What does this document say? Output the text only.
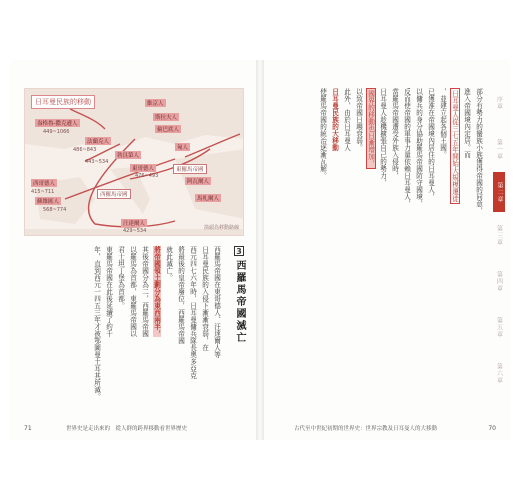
日耳曼民族的移動	維京人
斯拉夫人
倫巴底人
盎格魯-撒克遜人
449~1066
法蘭克人
486~843
勃艮第人
443~534
匈人
東哥德人
476~493
東羅馬帝國
阿瓦爾人
西羅馬帝國
西哥德人
415~711
蘇維匯人
568~774
汪達爾人
429~534
馬札爾人
箭頭為移動路線
3
西羅馬帝國滅亡
西羅馬帝國在東哥德人、汪達爾人等
日耳曼民族的入侵下漸漸衰弱，在
西元四七六年時，日耳曼傭兵隊長奧多亞克
將最後的皇帝廢位，西羅馬帝國
就此滅亡。
將帝國領土劃分為東西兩半，
其後帝國分為二，西羅馬帝國
以羅馬為首都，東羅馬帝國以
君士坦丁堡為首都。
東羅馬帝國在此後延續了約千
年，直到西元一四五三年才被鄂圖曼土耳其所滅。
71	世界史是走出來的　從人群的跨界移動看世界歷史
序章
第一章
第二章
第三章
第四章
第五章
第六章
部分有勢力的蠻族小族獲得帝國的同意，
進入帝國境內定居。而
日耳曼人從三七五年開始大規模遷徙
，並建立起各個王國。
已獲准在帝國境內居住的日耳曼人，
以傭兵的身分協助羅馬帝國防守國境，
反而使帝國的軍事力量依賴日耳曼人，
當羅馬帝國遭受外族入侵時，
日耳曼人趁機擴張自己的勢力，
國界的移動也日漸增加，
以致帝國日趨衰弱。
此外，由於日耳曼人
日耳曼民族的大移動
使羅馬帝國的統治逐漸瓦解。
古代至中世紀初期的世界史：世界宗教及日耳曼人的大移動	70
